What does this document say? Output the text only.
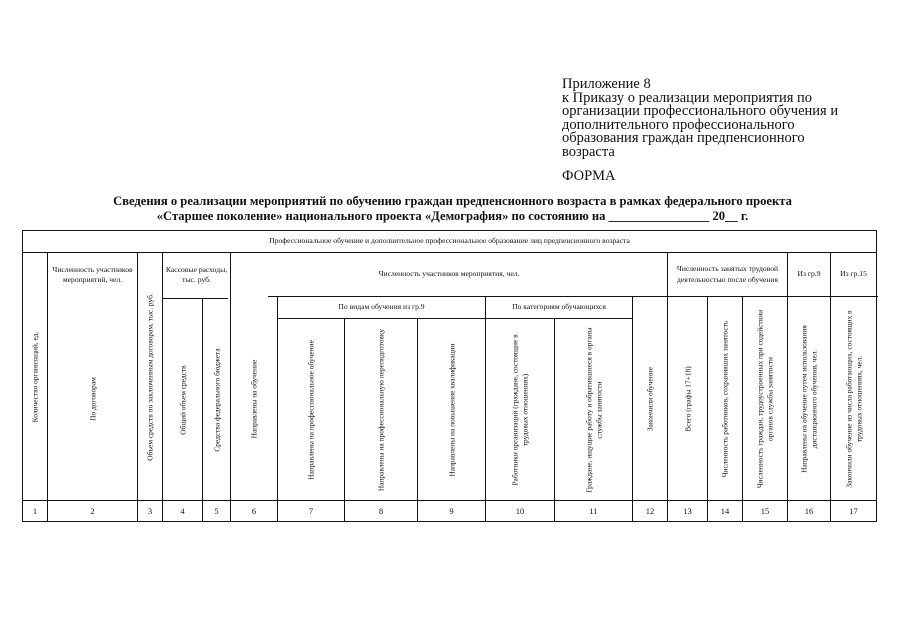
Приложение 8
к Приказу о реализации мероприятия по
организации профессионального обучения и
дополнительного профессионального
образования граждан предпенсионного
возраста
ФОРМА
Сведения о реализации мероприятий по обучению граждан предпенсионного возраста в рамках федерального проекта
«Старшее поколение» национального проекта «Демография» по состоянию на ________________ 20__ г.
Профессиональное обучение и дополнительное профессиональное образование лиц предпенсионного возраста
Численность участников мероприятий, чел.
Кассовые расходы, тыс. руб.
Численность участников мероприятия, чел.
По видам обучения из гр.9	По категориям обучающихся
Численность занятых трудовой деятельностью после обучения
Из гр.9	Из гр.15
Количество организаций, ед.	По договорам	Объем средств по заключенным договорам, тыс. руб.	Общий объем средств	Средства федерального бюджета	Направлены на обучение	Направлены на профессиональное обучение	Направлены на профессиональную переподготовку	Направлены на повышение квалификации	Работники организаций (граждане, состоящие в трудовых отношениях)	Граждане, ищущие работу и обратившиеся в органы службы занятости	Закончили обучение	Всего (графы 17+18)	Численность работников, сохранивших занятость	Численность граждан, трудоустроенных при содействии органов службы занятости	Направлены на обучение путем использования дистанционного обучения, чел.	Закончили обучение из числа работающих, состоящих в трудовых отношениях, чел.
1	2	3	4	5	6	7	8	9	10	11	12	13	14	15	16	17
